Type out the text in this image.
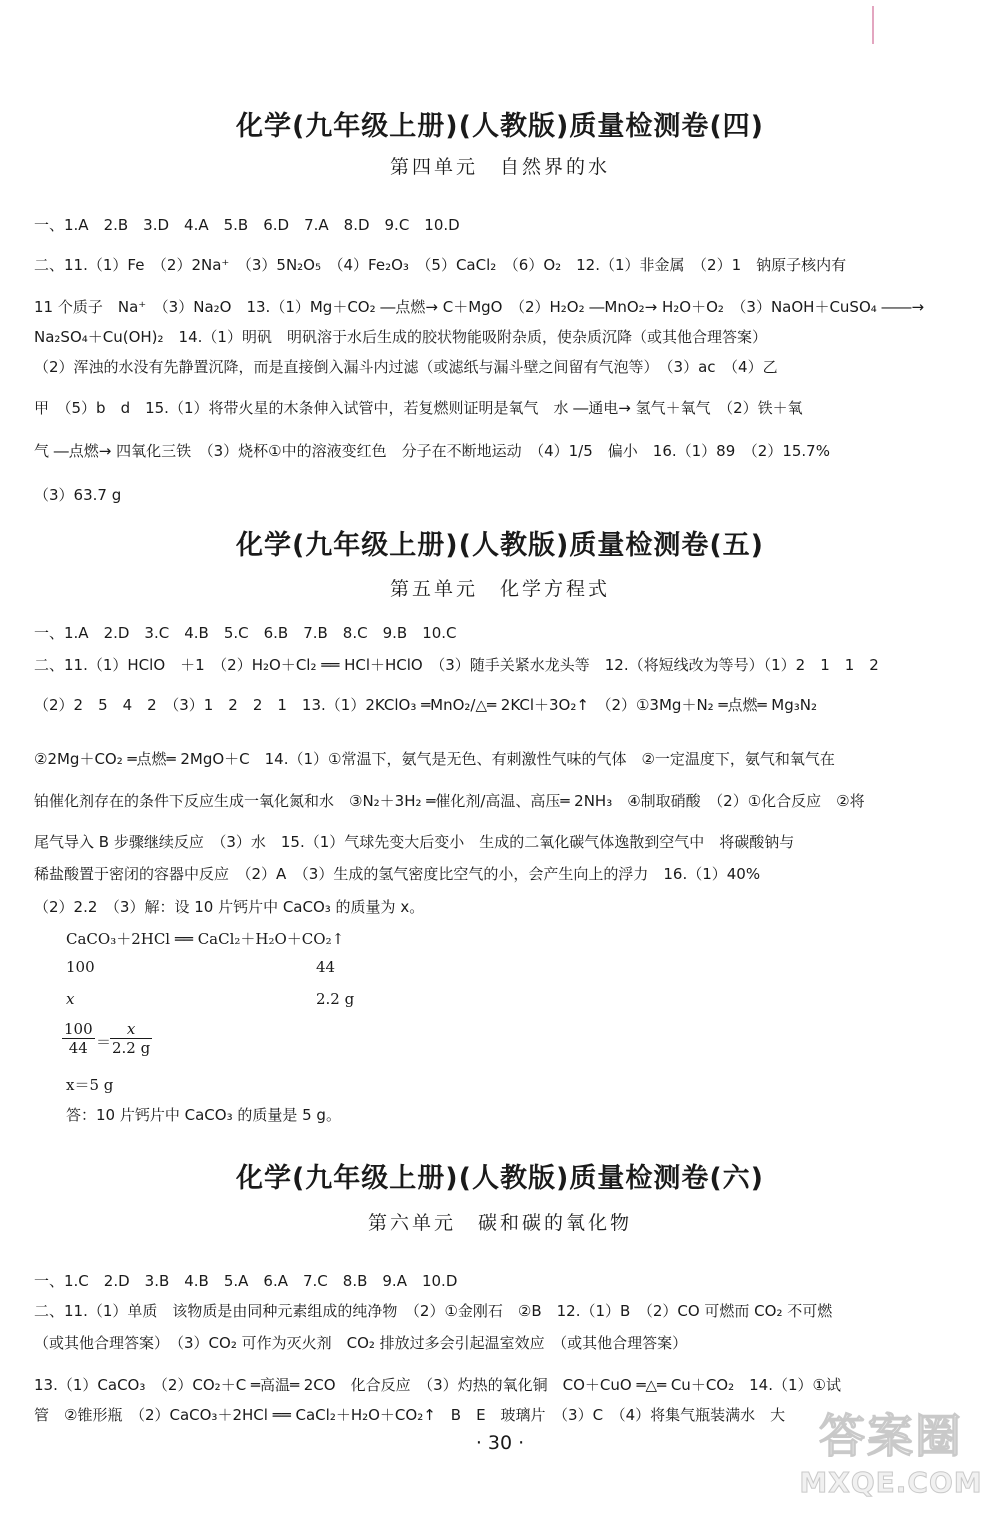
化学(九年级上册)(人教版)质量检测卷(四)
第四单元　自然界的水
一、1.A　2.B　3.D　4.A　5.B　6.D　7.A　8.D　9.C　10.D
二、11.（1）Fe　（2）2Na⁺　（3）5N₂O₅　（4）Fe₂O₃　（5）CaCl₂　（6）O₂　12.（1）非金属　（2）1　钠原子核内有
11 个质子　Na⁺　（3）Na₂O　13.（1）Mg＋CO₂ ―点燃→ C＋MgO　（2）H₂O₂ ―MnO₂→ H₂O＋O₂　（3）NaOH＋CuSO₄ ――→
Na₂SO₄＋Cu(OH)₂　14.（1）明矾　明矾溶于水后生成的胶状物能吸附杂质，使杂质沉降（或其他合理答案）
（2）浑浊的水没有先静置沉降，而是直接倒入漏斗内过滤（或滤纸与漏斗壁之间留有气泡等）　（3）ac　（4）乙
甲　（5）b　d　15.（1）将带火星的木条伸入试管中，若复燃则证明是氧气　水 ―通电→ 氢气＋氧气　（2）铁＋氧
气 ―点燃→ 四氧化三铁　（3）烧杯①中的溶液变红色　分子在不断地运动　（4）1/5　偏小　16.（1）89　（2）15.7%
（3）63.7 g
化学(九年级上册)(人教版)质量检测卷(五)
第五单元　化学方程式
一、1.A　2.D　3.C　4.B　5.C　6.B　7.B　8.C　9.B　10.C
二、11.（1）HClO　＋1　（2）H₂O＋Cl₂ ══ HCl＋HClO　（3）随手关紧水龙头等　12.（将短线改为等号）（1）2　1　1　2
（2）2　5　4　2　（3）1　2　2　1　13.（1）2KClO₃ ═MnO₂/△═ 2KCl＋3O₂↑　（2）①3Mg＋N₂ ═点燃═ Mg₃N₂
②2Mg＋CO₂ ═点燃═ 2MgO＋C　14.（1）①常温下，氨气是无色、有刺激性气味的气体　②一定温度下，氨气和氧气在
铂催化剂存在的条件下反应生成一氧化氮和水　③N₂＋3H₂ ═催化剂/高温、高压═ 2NH₃　④制取硝酸　（2）①化合反应　②将
尾气导入 B 步骤继续反应　（3）水　15.（1）气球先变大后变小　生成的二氧化碳气体逸散到空气中　将碳酸钠与
稀盐酸置于密闭的容器中反应　（2）A　（3）生成的氢气密度比空气的小，会产生向上的浮力　16.（1）40%
（2）2.2　（3）解：设 10 片钙片中 CaCO₃ 的质量为 x。
CaCO₃＋2HCl ══ CaCl₂＋H₂O＋CO₂↑
100	44
x	2.2 g
$\frac{100}{44}$ ＝
$\frac{x}{2.2 g}$
x＝5 g
答：10 片钙片中 CaCO₃ 的质量是 5 g。
化学(九年级上册)(人教版)质量检测卷(六)
第六单元　碳和碳的氧化物
一、1.C　2.D　3.B　4.B　5.A　6.A　7.C　8.B　9.A　10.D
二、11.（1）单质　该物质是由同种元素组成的纯净物　（2）①金刚石　②B　12.（1）B　（2）CO 可燃而 CO₂ 不可燃
（或其他合理答案）　（3）CO₂ 可作为灭火剂　CO₂ 排放过多会引起温室效应　（或其他合理答案）
13.（1）CaCO₃　（2）CO₂＋C ═高温═ 2CO　化合反应　（3）灼热的氧化铜　CO＋CuO ═△═ Cu＋CO₂　14.（1）①试
管　②锥形瓶　（2）CaCO₃＋2HCl ══ CaCl₂＋H₂O＋CO₂↑　B　E　玻璃片　（3）C　（4）将集气瓶装满水　大
· 30 ·	答案圈
MXQE.COM
